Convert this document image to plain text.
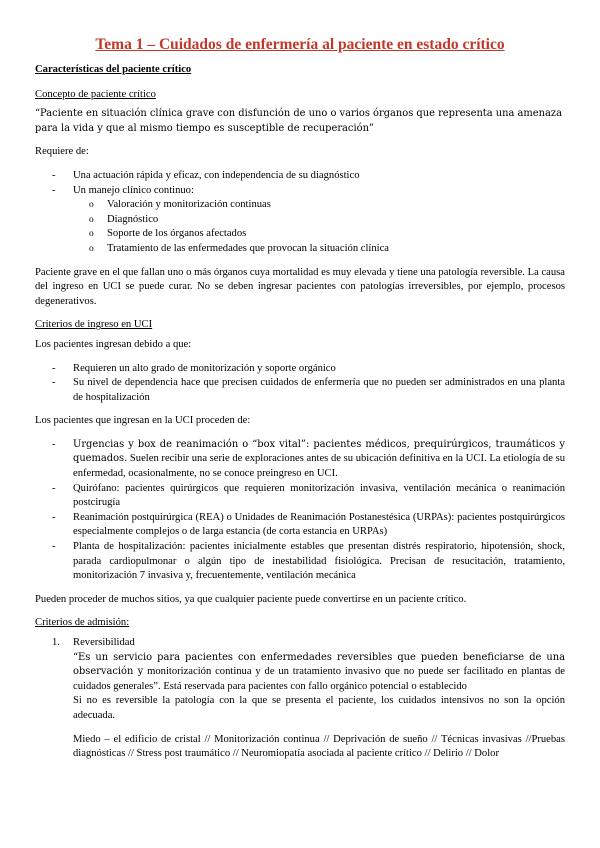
Tema 1 – Cuidados de enfermería al paciente en estado crítico
Características del paciente crítico
Concepto de paciente crítico

“Paciente en situación clínica grave con disfunción de uno o varios órganos que representa una amenaza para la vida y que al mismo tiempo es susceptible de recuperación”

Requiere de:

- Una actuación rápida y eficaz, con independencia de su diagnóstico
- Un manejo clínico continuo:
o Valoración y monitorización continuas
o Diagnóstico
o Soporte de los órganos afectados
o Tratamiento de las enfermedades que provocan la situación clínica

Paciente grave en el que fallan uno o más órganos cuya mortalidad es muy elevada y tiene una patología reversible. La causa del ingreso en UCI se puede curar. No se deben ingresar pacientes con patologías irreversibles, por ejemplo, procesos degenerativos.

Criterios de ingreso en UCI

Los pacientes ingresan debido a que:

- Requieren un alto grado de monitorización y soporte orgánico
- Su nivel de dependencia hace que precisen cuidados de enfermería que no pueden ser administrados en una planta de hospitalización

Los pacientes que ingresan en la UCI proceden de:

- Urgencias y box de reanimación o “box vital”: pacientes médicos, prequirúrgicos, traumáticos y quemados. Suelen recibir una serie de exploraciones antes de su ubicación definitiva en la UCI. La etiología de su enfermedad, ocasionalmente, no se conoce preingreso en UCI.
- Quirófano: pacientes quirúrgicos que requieren monitorización invasiva, ventilación mecánica o reanimación postcirugía
- Reanimación postquirúrgica (REA) o Unidades de Reanimación Postanestésica (URPAs): pacientes postquirúrgicos especialmente complejos o de larga estancia (de corta estancia en URPAs)
- Planta de hospitalización: pacientes inicialmente estables que presentan distrés respiratorio, hipotensión, shock, parada cardiopulmonar o algún tipo de inestabilidad fisiológica. Precisan de resucitación, tratamiento, monitorización 7 invasiva y, frecuentemente, ventilación mecánica

Pueden proceder de muchos sitios, ya que cualquier paciente puede convertirse en un paciente crítico.

Criterios de admisión:
1. Reversibilidad
“Es un servicio para pacientes con enfermedades reversibles que pueden beneficiarse de una observación y monitorización continua y de un tratamiento invasivo que no puede ser facilitado en plantas de cuidados generales”. Está reservada para pacientes con fallo orgánico potencial o establecido
Si no es reversible la patología con la que se presenta el paciente, los cuidados intensivos no son la opción adecuada.
Miedo – el edificio de cristal // Monitorización continua // Deprivación de sueño // Técnicas invasivas //Pruebas diagnósticas // Stress post traumático // Neuromiopatía asociada al paciente crítico // Delirio // Dolor
